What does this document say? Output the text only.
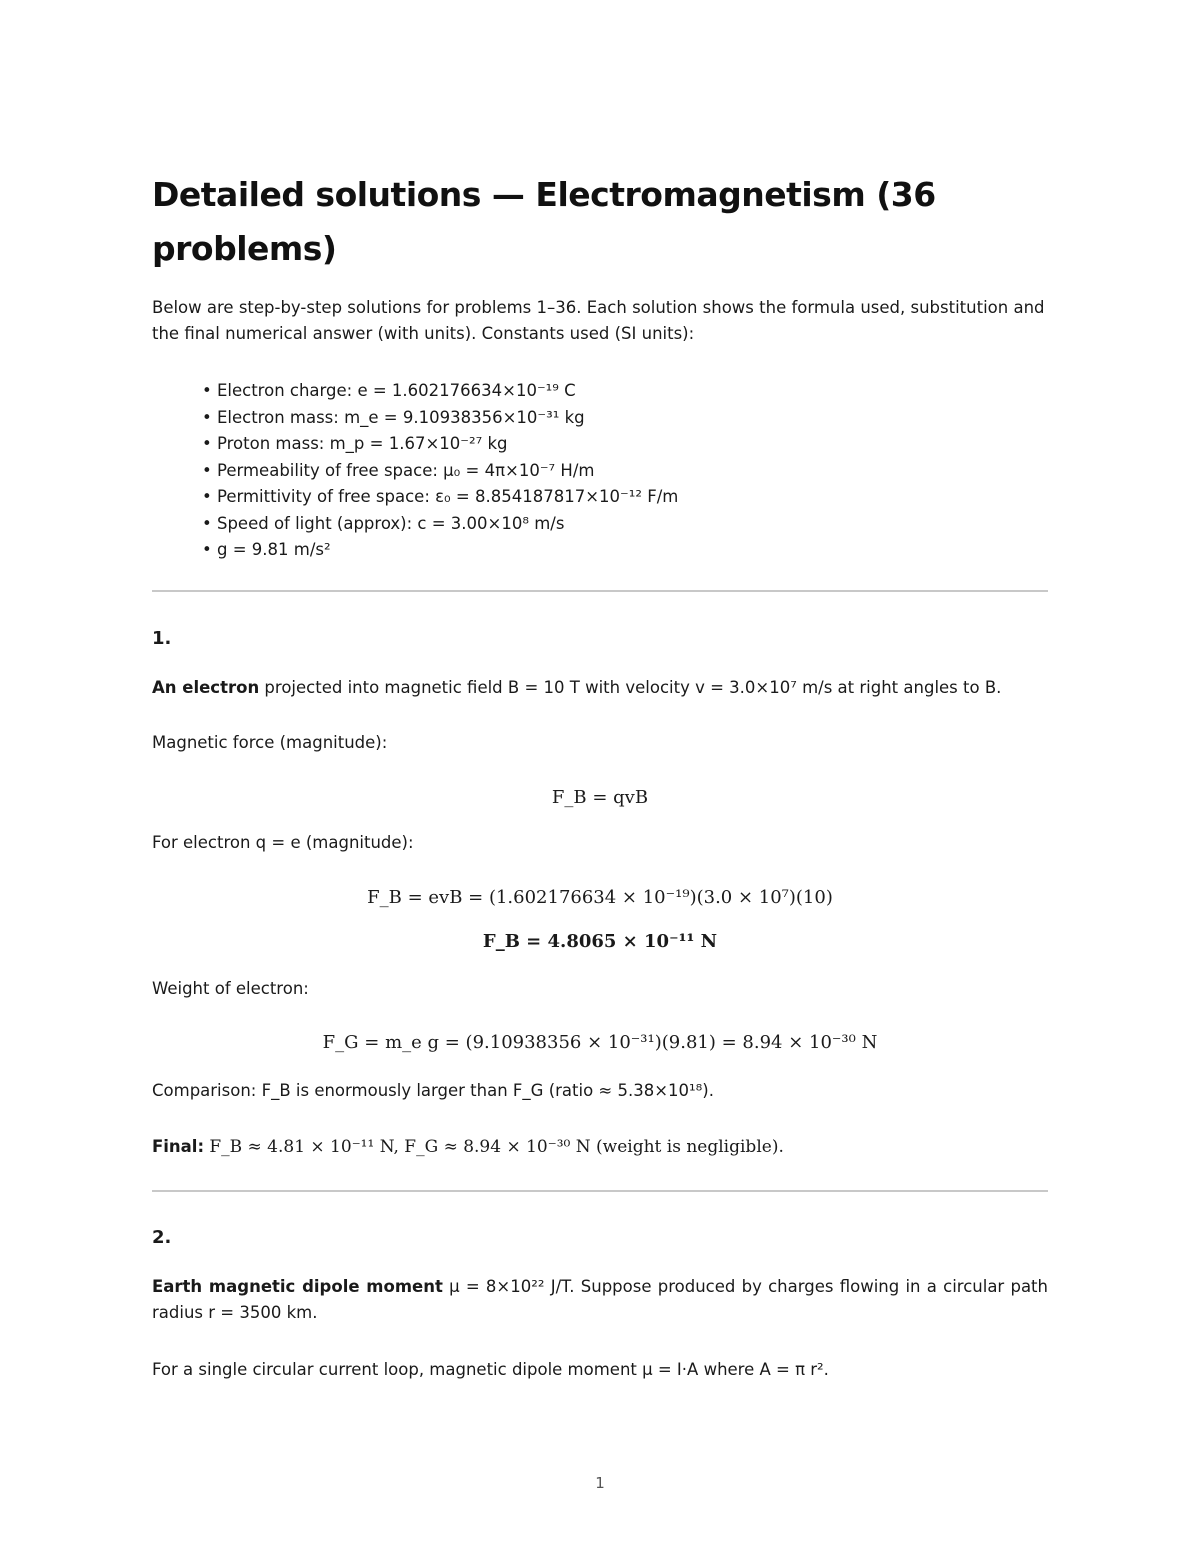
Detailed solutions — Electromagnetism (36 problems)
Below are step-by-step solutions for problems 1–36. Each solution shows the formula used, substitution and the final numerical answer (with units). Constants used (SI units):
• Electron charge: e = 1.602176634×10⁻¹⁹ C
• Electron mass: m_e = 9.10938356×10⁻³¹ kg
• Proton mass: m_p = 1.67×10⁻²⁷ kg
• Permeability of free space: μ₀ = 4π×10⁻⁷ H/m
• Permittivity of free space: ε₀ = 8.854187817×10⁻¹² F/m
• Speed of light (approx): c = 3.00×10⁸ m/s
• g = 9.81 m/s²
1.
An electron projected into magnetic field B = 10 T with velocity v = 3.0×10⁷ m/s at right angles to B.
Magnetic force (magnitude):
F_B = qvB
For electron q = e (magnitude):
F_B = evB = (1.602176634 × 10⁻¹⁹)(3.0 × 10⁷)(10)
F_B = 4.8065 × 10⁻¹¹ N
Weight of electron:
F_G = m_e g = (9.10938356 × 10⁻³¹)(9.81) = 8.94 × 10⁻³⁰ N
Comparison: F_B is enormously larger than F_G (ratio ≈ 5.38×10¹⁸).
Final: F_B ≈ 4.81 × 10⁻¹¹ N, F_G ≈ 8.94 × 10⁻³⁰ N (weight is negligible).
2.
Earth magnetic dipole moment μ = 8×10²² J/T. Suppose produced by charges flowing in a circular path radius r = 3500 km.
For a single circular current loop, magnetic dipole moment μ = I·A where A = π r².
1
